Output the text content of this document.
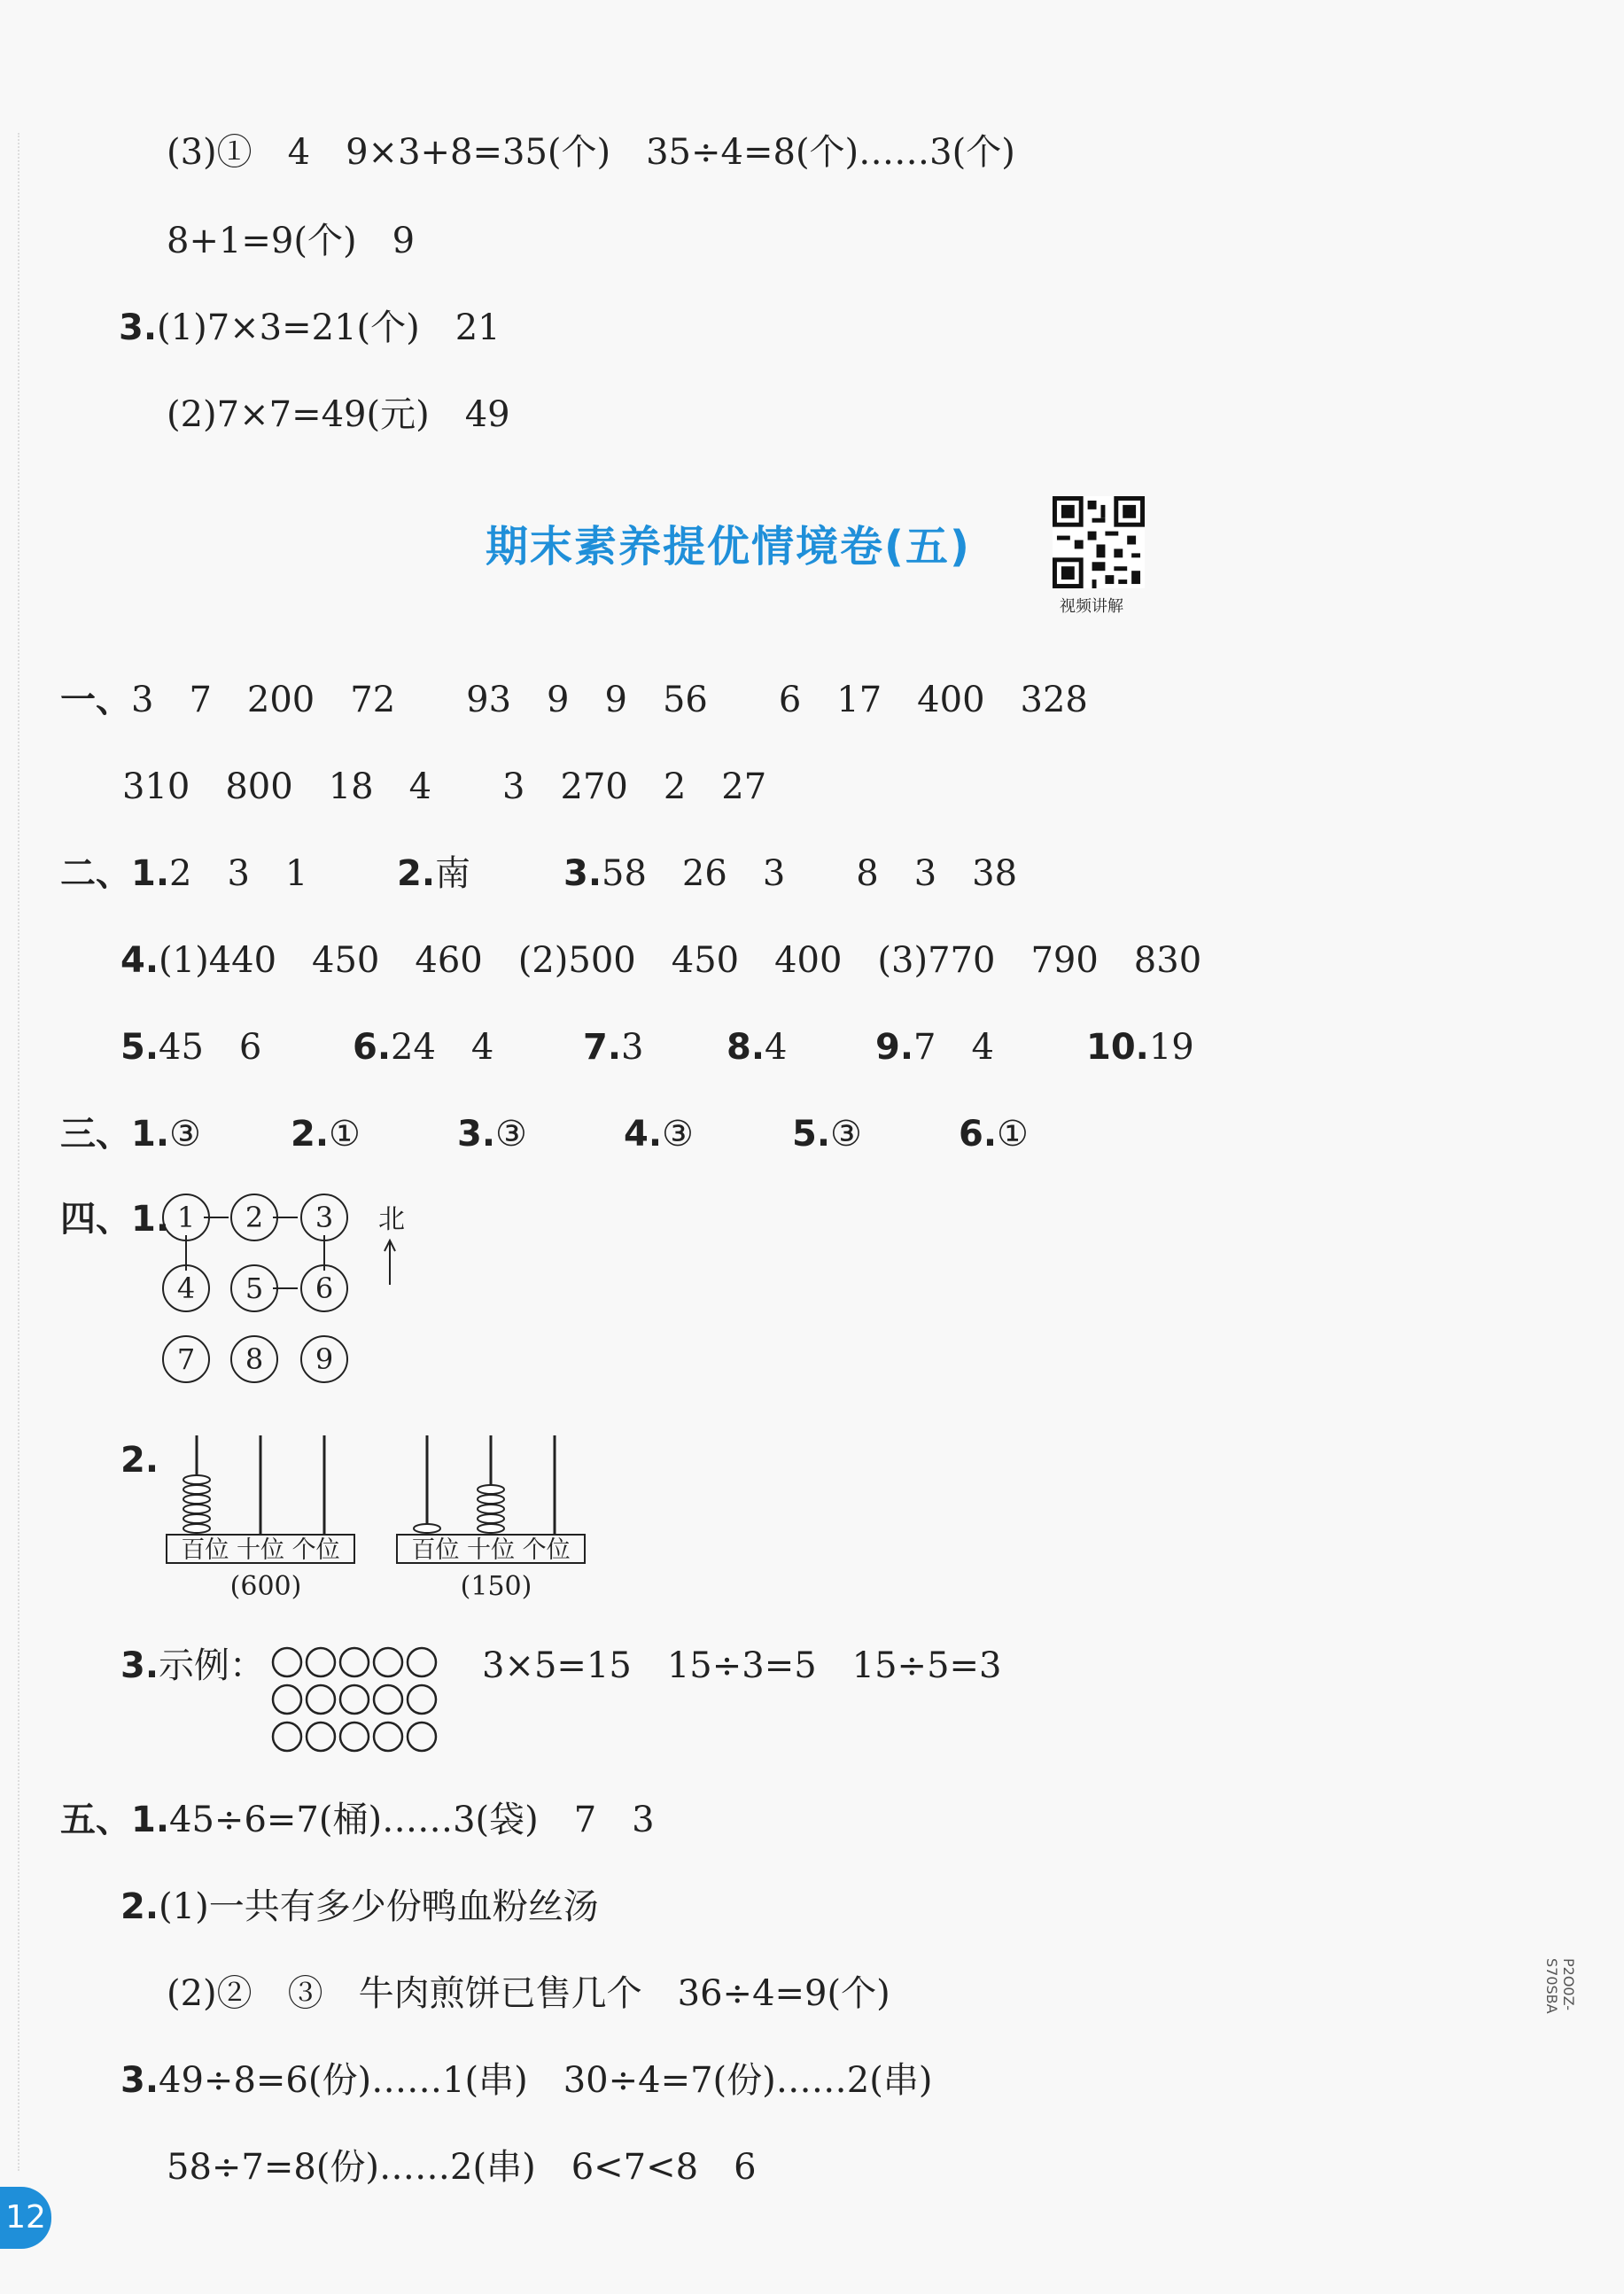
(3)①　4　9×3+8=35(个)　35÷4=8(个)……3(个)
8+1=9(个)　9
3.(1)7×3=21(个)　21
(2)7×7=49(元)　49
期末素养提优情境卷(五)
视频讲解
一、3　7　200　72　　93　9　9　56　　6　17　400　328
310　800　18　4　　3　270　2　27
二、1.2　3　1	2.南	3.58　26　3　　8　3　38
4.(1)440　450　460　(2)500　450　400　(3)770　790　830
5.45　6	6.24　4	7.3 8.4 9.7　4	10.19
三、1.③	2.①	3.③	4.③	5.③	6.①
四、1. 1 2 3
4 5 6
7 8 9
北
2.
百位 十位 个位
(600)
百位 十位 个位
(150)
3.示例：	3×5=15　15÷3=5　15÷5=3
五、1.45÷6=7(桶)……3(袋)　7　3
2.(1)一共有多少份鸭血粉丝汤
(2)②　③　牛肉煎饼已售几个　36÷4=9(个)
3.49÷8=6(份)……1(串)　30÷4=7(份)……2(串)
58÷7=8(份)……2(串)　6<7<8　6
12
P2O0Z-S70SBA
